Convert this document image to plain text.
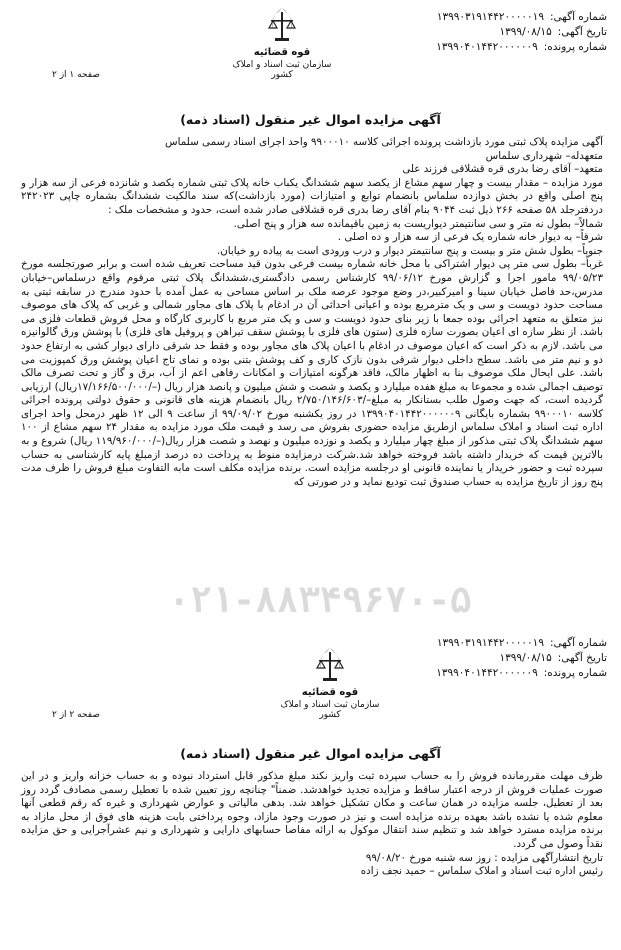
شماره آگهی:۱۳۹۹۰۳۱۹۱۴۴۲۰۰۰۰۰۱۹
تاریخ آگهی:۱۳۹۹/۰۸/۱۵
شماره پرونده:۱۳۹۹۰۴۰۱۴۴۲۰۰۰۰۰۰۹
قوه قضائیه
سازمان ثبت اسناد و املاک کشور
صفحه ۱ از ۲
آگهی مزایده اموال غیر منقول (اسناد ذمه)

آگهی مزایده پلاک ثبتی مورد بازداشت پرونده اجرائی کلاسه ۹۹۰۰۰۱۰ واحد اجرای اسناد رسمی سلماس

متعهدله– شهرداری سلماس

متعهد– آقای رضا بدری قره قشلاقی فرزند علی

مورد مزایده – مقدار بیست و چهار سهم مشاع از یکصد سهم ششدانگ یکباب خانه پلاک ثبتی شماره یکصد و شانزده فرعی از سه هزار و پنج اصلی واقع در بخش دوازده سلماس بانضمام توابع و امتیازات (مورد بازداشت)که سند مالکیت ششدانگ بشماره چاپی ۲۴۲۰۲۳ دردفترجلد ۵۸ صفحه ۲۶۶ ذیل ثبت ۹۰۴۴ بنام آقای رضا بدری قره قشلاقی صادر شده است، حدود و مشخصات ملک :

شمالاً– بطول نه متر و سی سانتیمتر دیواریست به زمین باقیمانده سه هزار و پنج اصلی.

شرقاً– به دیوار خانه شماره یک فرعی از سه هزار و ده اصلی .

جنوباً– بطول شش متر و بیست و پنج سانتیمتر دیوار و درب ورودی است به پیاده رو خیابان.

غرباً– بطول سی متر پی دیوار اشتراکی با محل خانه شماره بیست فرعی بدون قید مساحت تعریف شده است و برابر صورتجلسه مورخ ۹۹/۰۵/۲۳ مامور اجرا و گزارش مورخ ۹۹/۰۶/۱۲ کارشناس رسمی دادگستری،ششدانگ پلاک ثبتی مرقوم واقع درسلماس–خیابان مدرس،حد فاصل خیابان سینا و امیرکبیر،در وضع موجود عرصه ملک بر اساس مساحی به عمل آمده با حدود مندرج در سابقه ثبتی به مساحت حدود دویست و سی و یک مترمربع بوده و اعیانی احداثی آن در ادغام با پلاک های مجاور شمالی و غربی که پلاک های موصوف نیز متعلق به متعهد اجرائی بوده جمعا با زیر بنای حدود دویست و سی و یک متر مربع با کاربری کارگاه و محل فروش قطعات فلزی می باشد. از نظر سازه ای اعیان بصورت سازه فلزی (ستون های فلزی با پوشش سقف تیراهن و پروفیل های فلزی) با پوشش ورق گالوانیزه می باشد. لازم به ذکر است که اعیان موصوف در ادغام با اعیان پلاک های مجاور بوده و فقط حد شرقی دارای دیوار کشی به ارتفاع حدود دو و نیم متر می باشد. سطح داخلی دیوار شرقی بدون نازک کاری و کف پوشش بتنی بوده و نمای تاج اعیان پوشش ورق کمپوزیت می باشد. علی ایحال ملک موصوف بنا به اظهار مالک، فاقد هرگونه امتیازات و امکانات رفاهی اعم از آب، برق و گاز و تحت تصرف مالک توصیف اجمالی شده و مجموعا به مبلغ هفده میلیارد و یکصد و شصت و شش میلیون و پانصد هزار ریال (–/۱۷/۱۶۶/۵۰۰/۰۰۰ریال) ارزیابی گردیده است، که جهت وصول طلب بستانکار به مبلغ–/۲/۷۵۰/۱۴۶/۶۰۳ ریال بانضمام هزینه های قانونی و حقوق دولتی پرونده اجرائی کلاسه ۹۹۰۰۰۱۰ بشماره بایگانی ۱۳۹۹۰۴۰۱۴۴۲۰۰۰۰۰۰۹ در روز یکشنبه مورخ ۹۹/۰۹/۰۲ از ساعت ۹ الی ۱۲ ظهر درمحل واحد اجرای اداره ثبت اسناد و املاک سلماس ازطریق مزایده حضوری بفروش می رسد و قیمت ملک مورد مزایده به مقدار ۲۴ سهم مشاع از ۱۰۰ سهم ششدانگ پلاک ثبتی مذکور از مبلغ چهار میلیارد و یکصد و نوزده میلیون و نهصد و شصت هزار ریال(–/۱۱۹/۹۶۰/۰۰۰ ریال) شروع و به بالاترین قیمت که خریدار داشته باشد فروخته خواهد شد.شرکت درمزایده منوط به پرداخت ده درصد ازمبلغ پایه کارشناسی به حساب سپرده ثبت و حضور خریدار یا نماینده قانونی او درجلسه مزایده است. برنده مزایده مکلف است مابه التفاوت مبلغ فروش را ظرف مدت پنج روز از تاریخ مزایده به حساب صندوق ثبت تودیع نماید و در صورتی که

۰۲۱-۸۸۳۴۹۶۷۰-۵
شماره آگهی:۱۳۹۹۰۳۱۹۱۴۴۲۰۰۰۰۰۱۹
تاریخ آگهی:۱۳۹۹/۰۸/۱۵
شماره پرونده:۱۳۹۹۰۴۰۱۴۴۲۰۰۰۰۰۰۹
قوه قضائیه
سازمان ثبت اسناد و املاک کشور
صفحه ۲ از ۲
آگهی مزایده اموال غیر منقول (اسناد ذمه)

ظرف مهلت مقررمانده فروش را به حساب سپرده ثبت واریز نکند مبلغ مذکور قابل استرداد نبوده و به حساب خزانه واریز و در این صورت عملیات فروش از درجه اعتبار ساقط و مزایده تجدید خواهدشد. ضمناً" چنانچه روز تعیین شده با تعطیل رسمی مصادف گردد روز بعد از تعطیل، جلسه مزایده در همان ساعت و مکان تشکیل خواهد شد. بدهی مالیاتی و عوارض شهرداری و غیره که رقم قطعی آنها معلوم شده یا نشده باشد بعهده برنده مزایده است و نیز در صورت وجود مازاد، وجوه پرداختی بابت هزینه های فوق از محل مازاد به برنده مزایده مسترد خواهد شد و تنظیم سند انتقال موکول به ارائه مفاصا حسابهای دارایی و شهرداری و نیم عشرآجرایی و حق مزایده نقداً وصول می گردد.

تاریخ انتشارآگهی مزایده : روز سه شنبه مورخ ۹۹/۰۸/۲۰

رئیس اداره ثبت اسناد و املاک سلماس – حمید نجف زاده
